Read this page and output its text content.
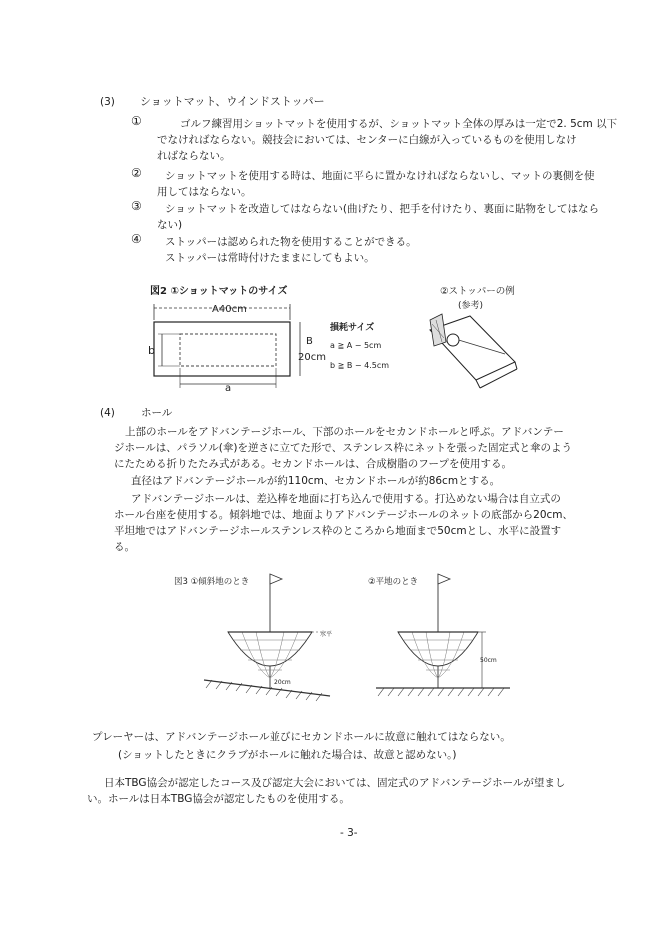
(3) ショットマット、ウインドストッパー
①	ゴルフ練習用ショットマットを使用するが、ショットマット全体の厚みは一定で2. 5cm 以下
でなければならない。競技会においては、センターに白線が入っているものを使用しなけ
ればならない。
② ショットマットを使用する時は、地面に平らに置かなければならないし、マットの裏側を使
用してはならない。
③ ショットマットを改造してはならない(曲げたり、把手を付けたり、裏面に貼物をしてはなら
ない)
④ ストッパーは認められた物を使用することができる。
ストッパーは常時付けたままにしてもよい。
図2 ①ショットマットのサイズ
A40cm
B
20cm
b
a
損耗サイズ
a ≧ A − 5cm
b ≧ B − 4.5cm
②ストッパーの例
(参考)
(4) ホール
上部のホールをアドバンテージホール、下部のホールをセカンドホールと呼ぶ。アドバンテー
ジホールは、パラソル(傘)を逆さに立てた形で、ステンレス枠にネットを張った固定式と傘のよう
にたためる折りたたみ式がある。セカンドホールは、合成樹脂のフープを使用する。
直径はアドバンテージホールが約110cm、セカンドホールが約86cmとする。
アドバンテージホールは、差込棒を地面に打ち込んで使用する。打込めない場合は自立式の
ホール台座を使用する。傾斜地では、地面よりアドバンテージホールのネットの底部から20cm、
平坦地ではアドバンテージホールステンレス枠のところから地面まで50cmとし、水平に設置す
る。
図3 ①傾斜地のとき	②平地のとき
水平
20cm
50cm
プレーヤーは、アドバンテージホール並びにセカンドホールに故意に触れてはならない。
(ショットしたときにクラブがホールに触れた場合は、故意と認めない。)
日本TBG協会が認定したコース及び認定大会においては、固定式のアドバンテージホールが望まし
い。ホールは日本TBG協会が認定したものを使用する。
- 3-
